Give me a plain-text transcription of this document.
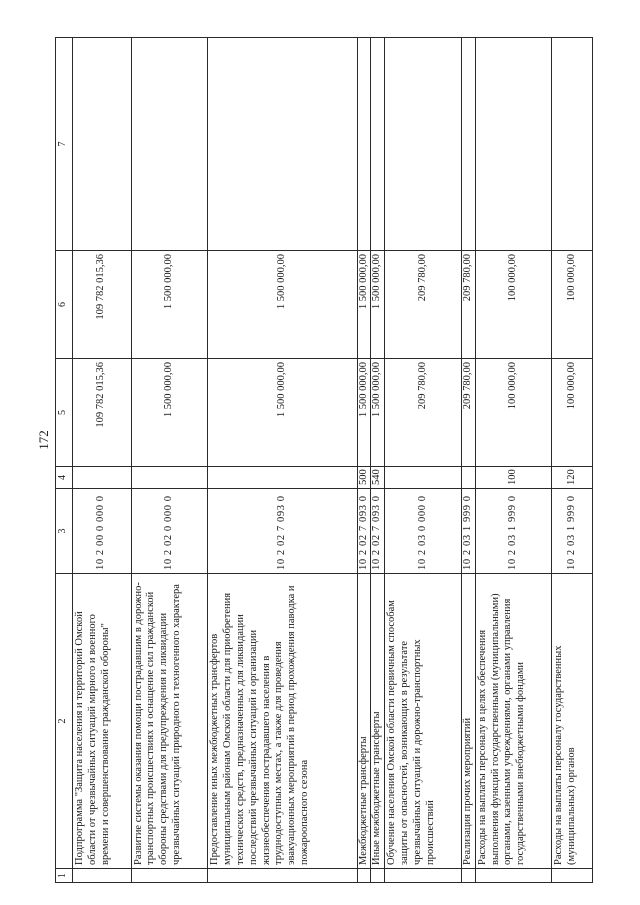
172
1	2	3	4	5	6	7
	Подпрограмма "Защита населения и территорий Омской области от чрезвычайных ситуаций мирного и военного времени и совершенствование гражданской обороны"	10 2 00 0 000 0		109 782 015,36	109 782 015,36	
	Развитие системы оказания помощи пострадавшим в дорожно-транспортных происшествиях и оснащение сил гражданской обороны средствами для предупреждения и ликвидации чрезвычайных ситуаций природного и техногенного характера	10 2 02 0 000 0		1 500 000,00	1 500 000,00	
	Предоставление иных межбюджетных трансфертов муниципальным районам Омской области для приобретения технических средств, предназначенных для ликвидации последствий чрезвычайных ситуаций и организации жизнеобеспечения пострадавшего населения в труднодоступных местах, а также для проведения эвакуационных мероприятий в период прохождения паводка и пожароопасного сезона	10 2 02 7 093 0		1 500 000,00	1 500 000,00	
	Межбюджетные трансферты	10 2 02 7 093 0	500	1 500 000,00	1 500 000,00	
	Иные межбюджетные трансферты	10 2 02 7 093 0	540	1 500 000,00	1 500 000,00	
	Обучение населения Омской области первичным способам защиты от опасностей, возникающих в результате чрезвычайных ситуаций и дорожно-транспортных происшествий	10 2 03 0 000 0		209 780,00	209 780,00	
	Реализация прочих мероприятий	10 2 03 1 999 0		209 780,00	209 780,00	
	Расходы на выплаты персоналу в целях обеспечения выполнения функций государственными (муниципальными) органами, казенными учреждениями, органами управления государственными внебюджетными фондами	10 2 03 1 999 0	100	100 000,00	100 000,00	
	Расходы на выплаты персоналу государственных (муниципальных) органов	10 2 03 1 999 0	120	100 000,00	100 000,00	
